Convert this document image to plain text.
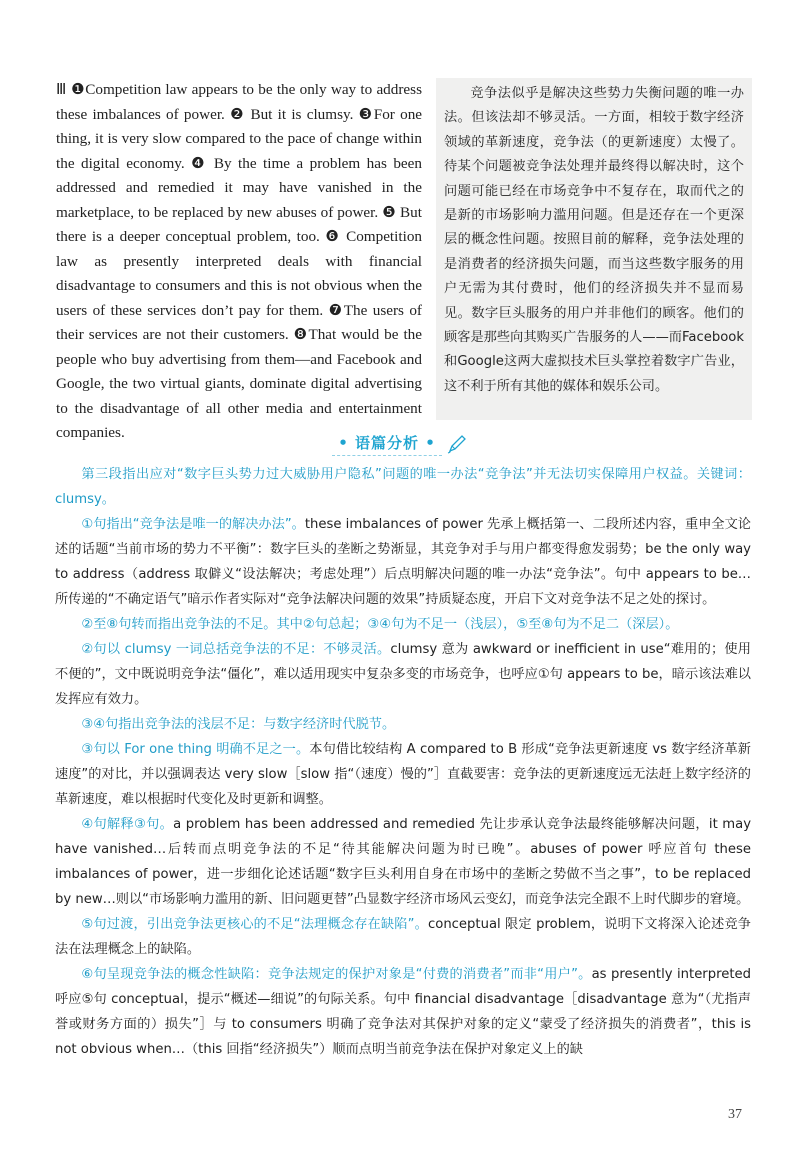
Ⅲ ❶Competition law appears to be the only way to address these imbalances of power. ❷ But it is clumsy. ❸For one thing, it is very slow compared to the pace of change within the digital economy. ❹ By the time a problem has been addressed and remedied it may have vanished in the marketplace, to be replaced by new abuses of power. ❺ But there is a deeper conceptual problem, too. ❻ Competition law as presently interpreted deals with financial disadvantage to consumers and this is not obvious when the users of these services don’t pay for them. ❼The users of their services are not their customers. ❽That would be the people who buy advertising from them—and Facebook and Google, the two virtual giants, dominate digital advertising to the disadvantage of all other media and entertainment companies.

竞争法似乎是解决这些势力失衡问题的唯一办法。但该法却不够灵活。一方面，相较于数字经济领域的革新速度，竞争法（的更新速度）太慢了。待某个问题被竞争法处理并最终得以解决时，这个问题可能已经在市场竞争中不复存在，取而代之的是新的市场影响力滥用问题。但是还存在一个更深层的概念性问题。按照目前的解释，竞争法处理的是消费者的经济损失问题，而当这些数字服务的用户无需为其付费时，他们的经济损失并不显而易见。数字巨头服务的用户并非他们的顾客。他们的顾客是那些向其购买广告服务的人——而Facebook和Google这两大虚拟技术巨头掌控着数字广告业，这不利于所有其他的媒体和娱乐公司。

• 语篇分析 •

第三段指出应对“数字巨头势力过大威胁用户隐私”问题的唯一办法“竞争法”并无法切实保障用户权益。关键词：clumsy。

①句指出“竞争法是唯一的解决办法”。these imbalances of power 先承上概括第一、二段所述内容，重申全文论述的话题“当前市场的势力不平衡”：数字巨头的垄断之势渐显，其竞争对手与用户都变得愈发弱势；be the only way to address（address 取僻义“设法解决；考虑处理”）后点明解决问题的唯一办法“竞争法”。句中 appears to be…所传递的“不确定语气”暗示作者实际对“竞争法解决问题的效果”持质疑态度，开启下文对竞争法不足之处的探讨。

②至⑧句转而指出竞争法的不足。其中②句总起；③④句为不足一（浅层），⑤至⑧句为不足二（深层）。

②句以 clumsy 一词总括竞争法的不足：不够灵活。clumsy 意为 awkward or inefficient in use“难用的；使用不便的”，文中既说明竞争法“僵化”，难以适用现实中复杂多变的市场竞争，也呼应①句 appears to be，暗示该法难以发挥应有效力。

③④句指出竞争法的浅层不足：与数字经济时代脱节。

③句以 For one thing 明确不足之一。本句借比较结构 A compared to B 形成“竞争法更新速度 vs 数字经济革新速度”的对比，并以强调表达 very slow［slow 指“（速度）慢的”］直截要害：竞争法的更新速度远无法赶上数字经济的革新速度，难以根据时代变化及时更新和调整。

④句解释③句。a problem has been addressed and remedied 先让步承认竞争法最终能够解决问题，it may have vanished…后转而点明竞争法的不足“待其能解决问题为时已晚”。abuses of power 呼应首句 these imbalances of power，进一步细化论述话题“数字巨头利用自身在市场中的垄断之势做不当之事”，to be replaced by new…则以“市场影响力滥用的新、旧问题更替”凸显数字经济市场风云变幻，而竞争法完全跟不上时代脚步的窘境。

⑤句过渡，引出竞争法更核心的不足“法理概念存在缺陷”。conceptual 限定 problem，说明下文将深入论述竞争法在法理概念上的缺陷。

⑥句呈现竞争法的概念性缺陷：竞争法规定的保护对象是“付费的消费者”而非“用户”。as presently interpreted 呼应⑤句 conceptual，提示“概述—细说”的句际关系。句中 financial disadvantage［disadvantage 意为“（尤指声誉或财务方面的）损失”］与 to consumers 明确了竞争法对其保护对象的定义“蒙受了经济损失的消费者”，this is not obvious when…（this 回指“经济损失”）顺而点明当前竞争法在保护对象定义上的缺

37
